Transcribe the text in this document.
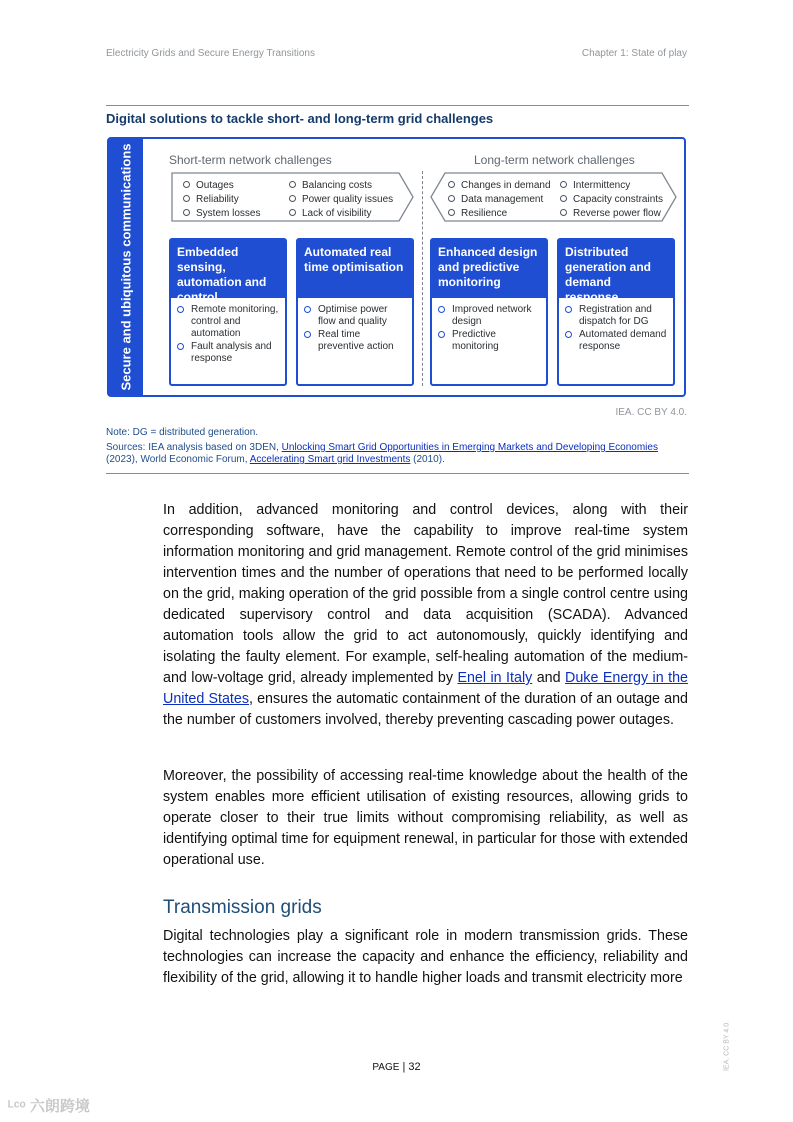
Electricity Grids and Secure Energy Transitions	Chapter 1: State of play
Digital solutions to tackle short- and long-term grid challenges
Secure and ubiquitous communications	Short-term network challenges	Long-term network challenges
Outages
Reliability
System losses
Balancing costs
Power quality issues
Lack of visibility
Changes in demand
Data management
Resilience
Intermittency
Capacity constraints
Reverse power flow
Embedded sensing, automation and control
Remote monitoring, control and automation
Fault analysis and response
Automated real time optimisation
Optimise power flow and quality
Real time preventive action
Enhanced design and predictive monitoring
Improved network design
Predictive monitoring
Distributed generation and demand response
Registration and dispatch for DG
Automated demand response
IEA. CC BY 4.0.
Note: DG = distributed generation.
Sources: IEA analysis based on 3DEN, Unlocking Smart Grid Opportunities in Emerging Markets and Developing Economies (2023), World Economic Forum, Accelerating Smart grid Investments (2010).
In addition, advanced monitoring and control devices, along with their corresponding software, have the capability to improve real-time system information monitoring and grid management. Remote control of the grid minimises intervention times and the number of operations that need to be performed locally on the grid, making operation of the grid possible from a single control centre using dedicated supervisory control and data acquisition (SCADA). Advanced automation tools allow the grid to act autonomously, quickly identifying and isolating the faulty element. For example, self-healing automation of the medium- and low-voltage grid, already implemented by Enel in Italy and Duke Energy in the United States, ensures the automatic containment of the duration of an outage and the number of customers involved, thereby preventing cascading power outages.
Moreover, the possibility of accessing real-time knowledge about the health of the system enables more efficient utilisation of existing resources, allowing grids to operate closer to their true limits without compromising reliability, as well as identifying optimal time for equipment renewal, in particular for those with extended operational use.
Transmission grids
Digital technologies play a significant role in modern transmission grids. These technologies can increase the capacity and enhance the efficiency, reliability and flexibility of the grid, allowing it to handle higher loads and transmit electricity more
PAGE | 32	IEA. CC BY 4.0.
ᴸᶜᵒ 六朗跨境
